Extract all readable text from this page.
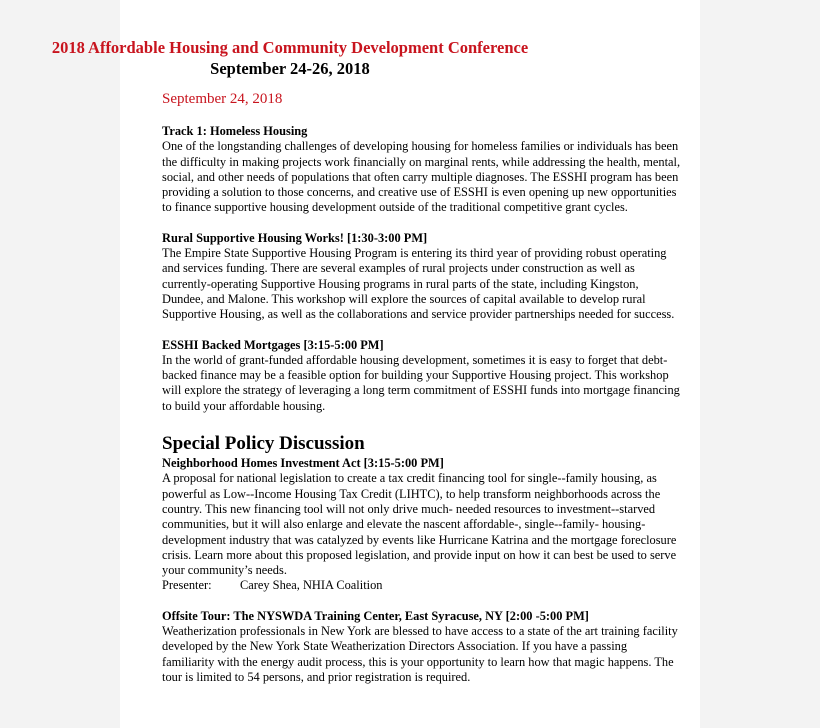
2018 Affordable Housing and Community Development Conference
September 24-26, 2018
September 24, 2018
Track 1: Homeless Housing
One of the longstanding challenges of developing housing for homeless families or individuals has been the difficulty in making projects work financially on marginal rents, while addressing the health, mental, social, and other needs of populations that often carry multiple diagnoses. The ESSHI program has been providing a solution to those concerns, and creative use of ESSHI is even opening up new opportunities to finance supportive housing development outside of the traditional competitive grant cycles.
Rural Supportive Housing Works! [1:30-3:00 PM]
The Empire State Supportive Housing Program is entering its third year of providing robust operating and services funding. There are several examples of rural projects under construction as well as currently-operating Supportive Housing programs in rural parts of the state, including Kingston, Dundee, and Malone. This workshop will explore the sources of capital available to develop rural Supportive Housing, as well as the collaborations and service provider partnerships needed for success.
ESSHI Backed Mortgages [3:15-5:00 PM]
In the world of grant-funded affordable housing development, sometimes it is easy to forget that debt-backed finance may be a feasible option for building your Supportive Housing project. This workshop will explore the strategy of leveraging a long term commitment of ESSHI funds into mortgage financing to build your affordable housing.
Special Policy Discussion
Neighborhood Homes Investment Act [3:15-5:00 PM]
A proposal for national legislation to create a tax credit financing tool for single--family housing, as powerful as Low--Income Housing Tax Credit (LIHTC), to help transform neighborhoods across the country. This new financing tool will not only drive much- needed resources to investment--starved communities, but it will also enlarge and elevate the nascent affordable-, single--family- housing- development industry that was catalyzed by events like Hurricane Katrina and the mortgage foreclosure crisis. Learn more about this proposed legislation, and provide input on how it can best be used to serve your community’s needs.
Presenter:	Carey Shea, NHIA Coalition
Offsite Tour: The NYSWDA Training Center, East Syracuse, NY [2:00 -5:00 PM]
Weatherization professionals in New York are blessed to have access to a state of the art training facility developed by the New York State Weatherization Directors Association. If you have a passing familiarity with the energy audit process, this is your opportunity to learn how that magic happens. The tour is limited to 54 persons, and prior registration is required.
